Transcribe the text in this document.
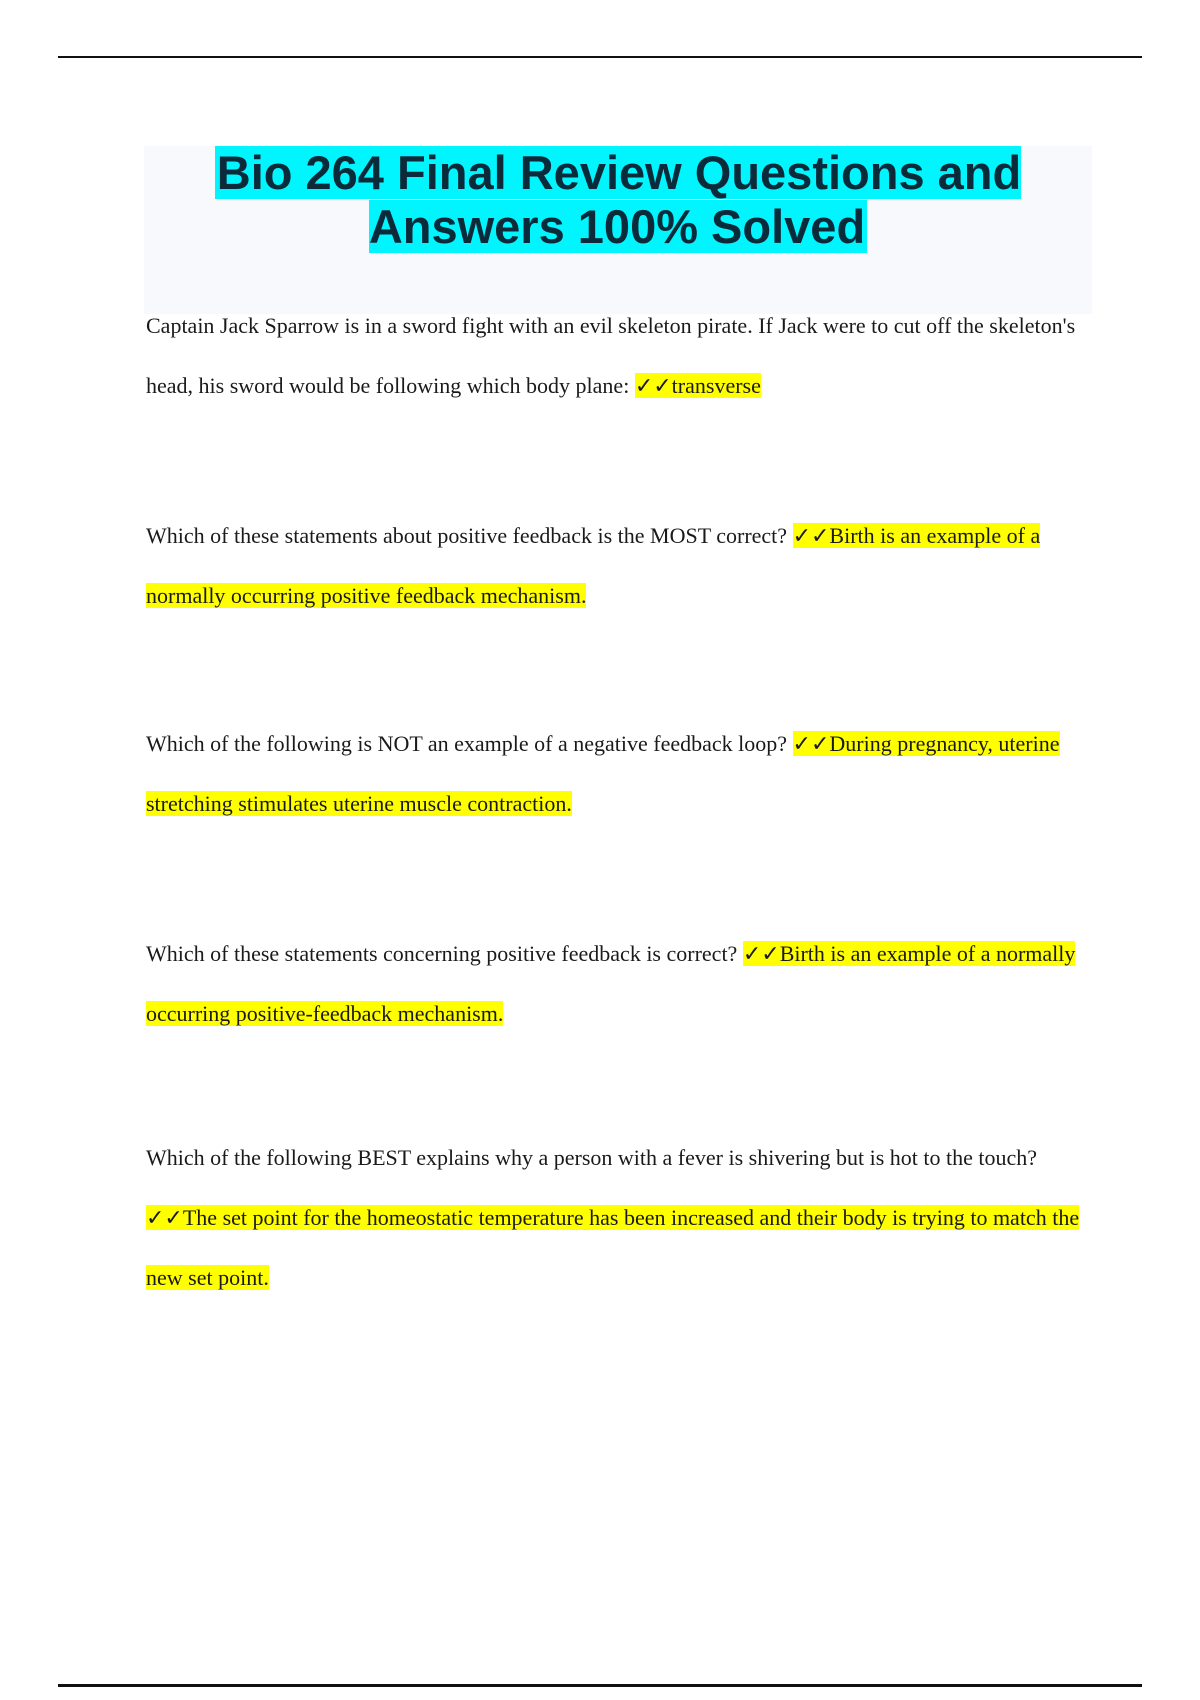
Bio 264 Final Review Questions and Answers 100% Solved

Captain Jack Sparrow is in a sword fight with an evil skeleton pirate. If Jack were to cut off the skeleton's head, his sword would be following which body plane: ✓✓transverse

Which of these statements about positive feedback is the MOST correct? ✓✓Birth is an example of a normally occurring positive feedback mechanism.

Which of the following is NOT an example of a negative feedback loop? ✓✓During pregnancy, uterine stretching stimulates uterine muscle contraction.

Which of these statements concerning positive feedback is correct? ✓✓Birth is an example of a normally occurring positive-feedback mechanism.

Which of the following BEST explains why a person with a fever is shivering but is hot to the touch? ✓✓The set point for the homeostatic temperature has been increased and their body is trying to match the new set point.
